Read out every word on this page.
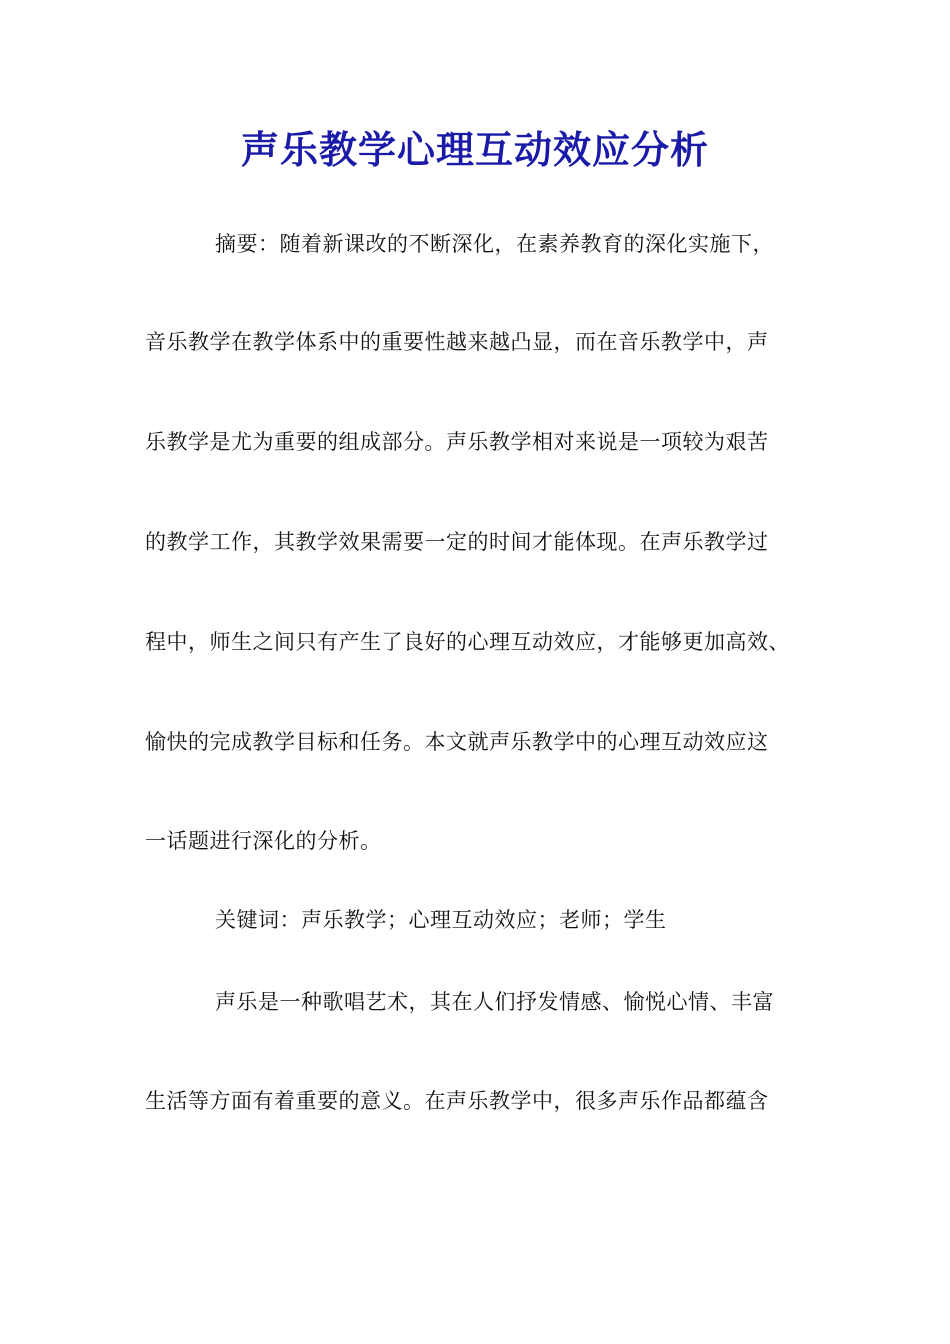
声乐教学心理互动效应分析

摘要：随着新课改的不断深化，在素养教育的深化实施下，

音乐教学在教学体系中的重要性越来越凸显，而在音乐教学中，声

乐教学是尤为重要的组成部分。声乐教学相对来说是一项较为艰苦

的教学工作，其教学效果需要一定的时间才能体现。在声乐教学过

程中，师生之间只有产生了良好的心理互动效应，才能够更加高效、

愉快的完成教学目标和任务。本文就声乐教学中的心理互动效应这

一话题进行深化的分析。

关键词：声乐教学；心理互动效应；老师；学生

声乐是一种歌唱艺术，其在人们抒发情感、愉悦心情、丰富

生活等方面有着重要的意义。在声乐教学中，很多声乐作品都蕴含
